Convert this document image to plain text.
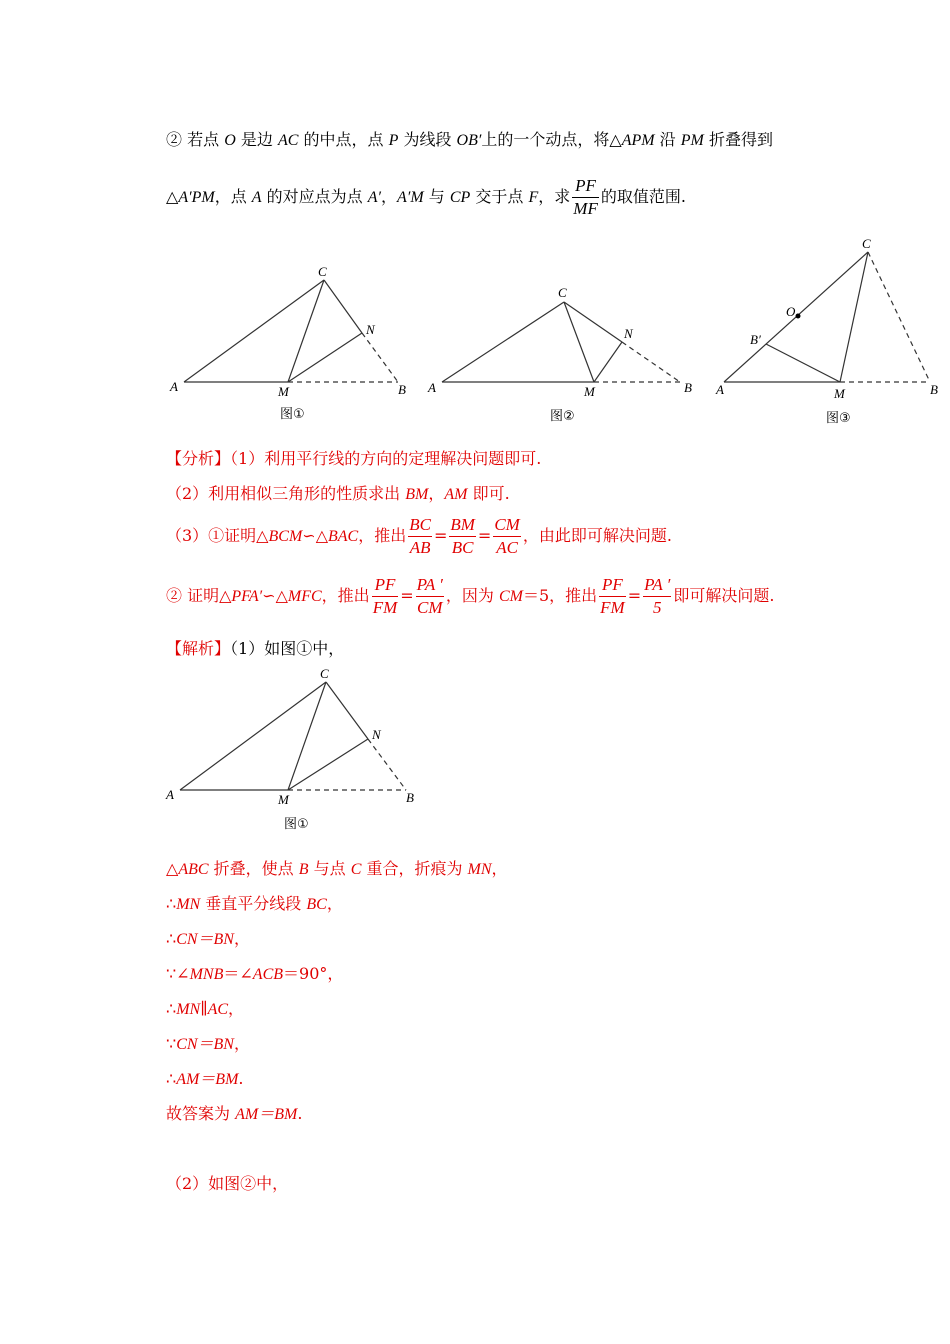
② 若点 O 是边 AC 的中点，点 P 为线段 OB′上的一个动点，将△APM 沿 PM 折叠得到
△A′PM，点 A 的对应点为点 A′，A′M 与 CP 交于点 F，求 $\frac{PF}{MF}$ 的取值范围.
A
C
N
M	B
图①
A
C
N
M	B
图②
A
C
O
B′
M	B
图③
【分析】（1）利用平行线的方向的定理解决问题即可.
（2）利用相似三角形的性质求出 BM，AM 即可.
（3）①证明△BCM∽△BAC，推出 $\frac{BC}{AB} = \frac{BM}{BC} = \frac{CM}{AC}$ ，由此即可解决问题.
② 证明△PFA′∽△MFC，推出 $\frac{PF}{FM} = \frac{PA '}{CM}$ ，因为 CM＝5，推出 $\frac{PF}{FM} = \frac{PA '}{5}$ 即可解决问题.
【解析】（1）如图①中，
A
C
N
M	B
图①
△ABC 折叠，使点 B 与点 C 重合，折痕为 MN，
∴MN 垂直平分线段 BC，
∴CN＝BN，
∵∠MNB＝∠ACB＝90°，
∴MN∥AC，
∵CN＝BN，
∴AM＝BM.
故答案为 AM＝BM.
（2）如图②中，
